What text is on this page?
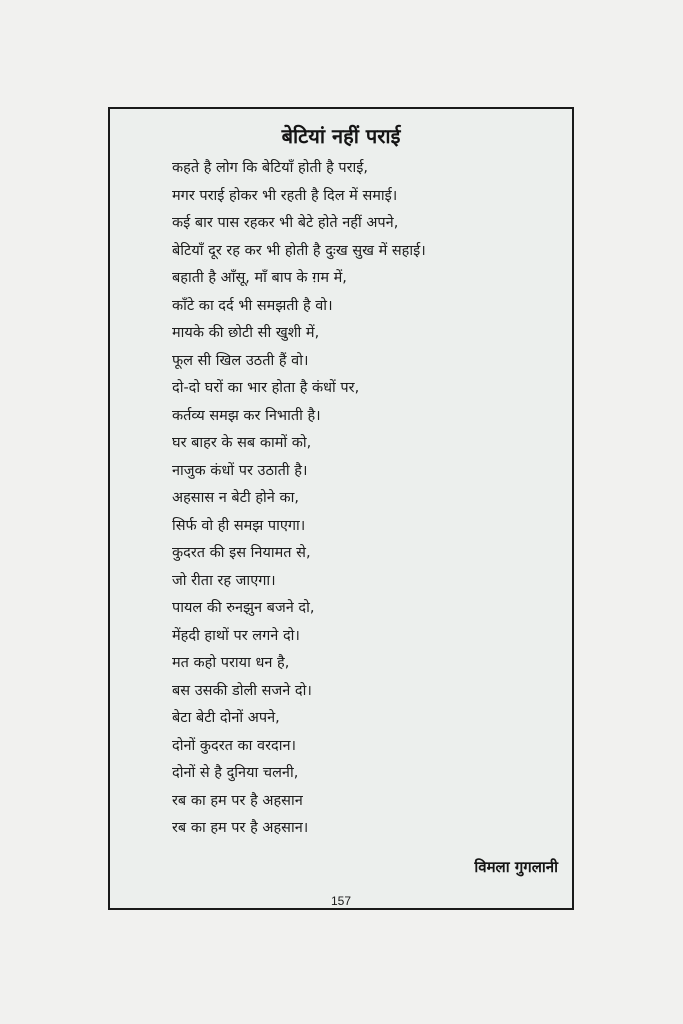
बेटियां नहीं पराई
कहते है लोग कि बेटियाँ होती है पराई,
मगर पराई होकर भी रहती है दिल में समाई।
कई बार पास रहकर भी बेटे होते नहीं अपने,
बेटियाँ दूर रह कर भी होती है दुःख सुख में सहाई।
बहाती है आँसू, माँ बाप के ग़म में,
काँटे का दर्द भी समझती है वो।
मायके की छोटी सी खुशी में,
फूल सी खिल उठती हैं वो।
दो-दो घरों का भार होता है कंधों पर,
कर्तव्य समझ कर निभाती है।
घर बाहर के सब कामों को,
नाजुक कंधों पर उठाती है।
अहसास न बेटी होने का,
सिर्फ वो ही समझ पाएगा।
कुदरत की इस नियामत से,
जो रीता रह जाएगा।
पायल की रुनझुन बजने दो,
मेंहदी हाथों पर लगने दो।
मत कहो पराया धन है,
बस उसकी डोली सजने दो।
बेटा बेटी दोनों अपने,
दोनों कुदरत का वरदान।
दोनों से है दुनिया चलनी,
रब का हम पर है अहसान
रब का हम पर है अहसान।
विमला गुगलानी
157
